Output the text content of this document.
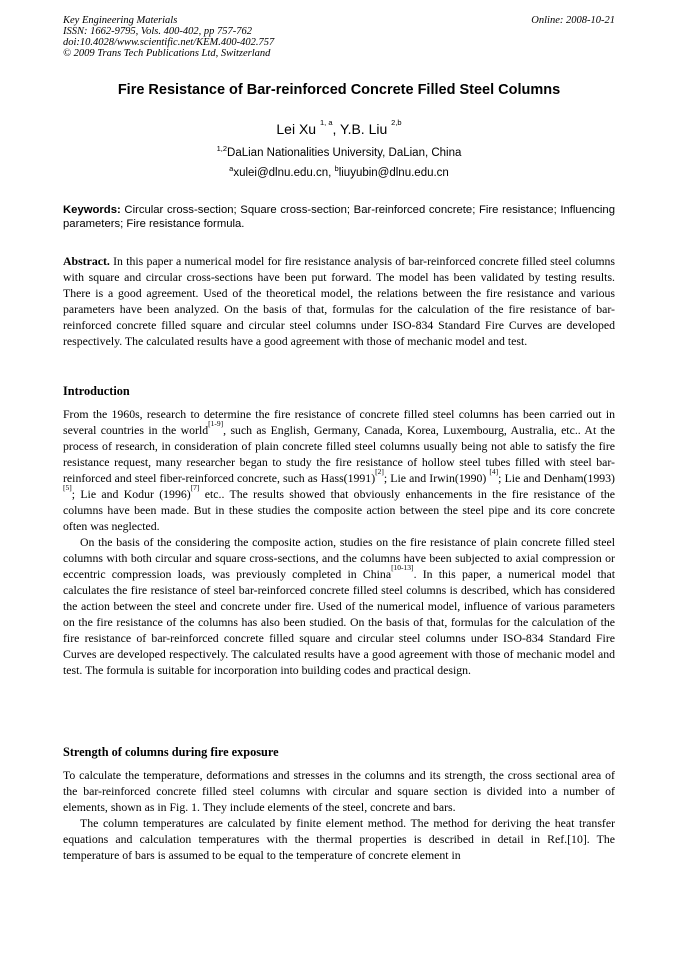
Key Engineering Materials
ISSN: 1662-9795, Vols. 400-402, pp 757-762
doi:10.4028/www.scientific.net/KEM.400-402.757
© 2009 Trans Tech Publications Ltd, Switzerland
Online: 2008-10-21
Fire Resistance of Bar-reinforced Concrete Filled Steel Columns
Lei Xu $^{1, a}$, Y.B. Liu $^{2,b}$
$^{1,2}$DaLian Nationalities University, DaLian, China
$^a$xulei@dlnu.edu.cn, $^b$liuyubin@dlnu.edu.cn
Keywords: Circular cross-section; Square cross-section; Bar-reinforced concrete; Fire resistance; Influencing parameters; Fire resistance formula.

Abstract. In this paper a numerical model for fire resistance analysis of bar-reinforced concrete filled steel columns with square and circular cross-sections have been put forward. The model has been validated by testing results. There is a good agreement. Used of the theoretical model, the relations between the fire resistance and various parameters have been analyzed. On the basis of that, formulas for the calculation of the fire resistance of bar-reinforced concrete filled square and circular steel columns under ISO-834 Standard Fire Curves are developed respectively. The calculated results have a good agreement with those of mechanic model and test.

Introduction

From the 1960s, research to determine the fire resistance of concrete filled steel columns has been carried out in several countries in the world[1-9], such as English, Germany, Canada, Korea, Luxembourg, Australia, etc.. At the process of research, in consideration of plain concrete filled steel columns usually being not able to satisfy the fire resistance request, many researcher began to study the fire resistance of hollow steel tubes filled with steel bar-reinforced and steel fiber-reinforced concrete, such as Hass(1991)[2]; Lie and Irwin(1990) [4]; Lie and Denham(1993) [5]; Lie and Kodur (1996)[7] etc.. The results showed that obviously enhancements in the fire resistance of the columns have been made. But in these studies the composite action between the steel pipe and its core concrete often was neglected.

On the basis of the considering the composite action, studies on the fire resistance of plain concrete filled steel columns with both circular and square cross-sections, and the columns have been subjected to axial compression or eccentric compression loads, was previously completed in China[10-13]. In this paper, a numerical model that calculates the fire resistance of steel bar-reinforced concrete filled steel columns is described, which has considered the action between the steel and concrete under fire. Used of the numerical model, influence of various parameters on the fire resistance of the columns has also been studied. On the basis of that, formulas for the calculation of the fire resistance of bar-reinforced concrete filled square and circular steel columns under ISO-834 Standard Fire Curves are developed respectively. The calculated results have a good agreement with those of mechanic model and test. The formula is suitable for incorporation into building codes and practical design.

Strength of columns during fire exposure

To calculate the temperature, deformations and stresses in the columns and its strength, the cross sectional area of the bar-reinforced concrete filled steel columns with circular and square section is divided into a number of elements, shown as in Fig. 1. They include elements of the steel, concrete and bars.

The column temperatures are calculated by finite element method. The method for deriving the heat transfer equations and calculation temperatures with the thermal properties is described in detail in Ref.[10]. The temperature of bars is assumed to be equal to the temperature of concrete element in
